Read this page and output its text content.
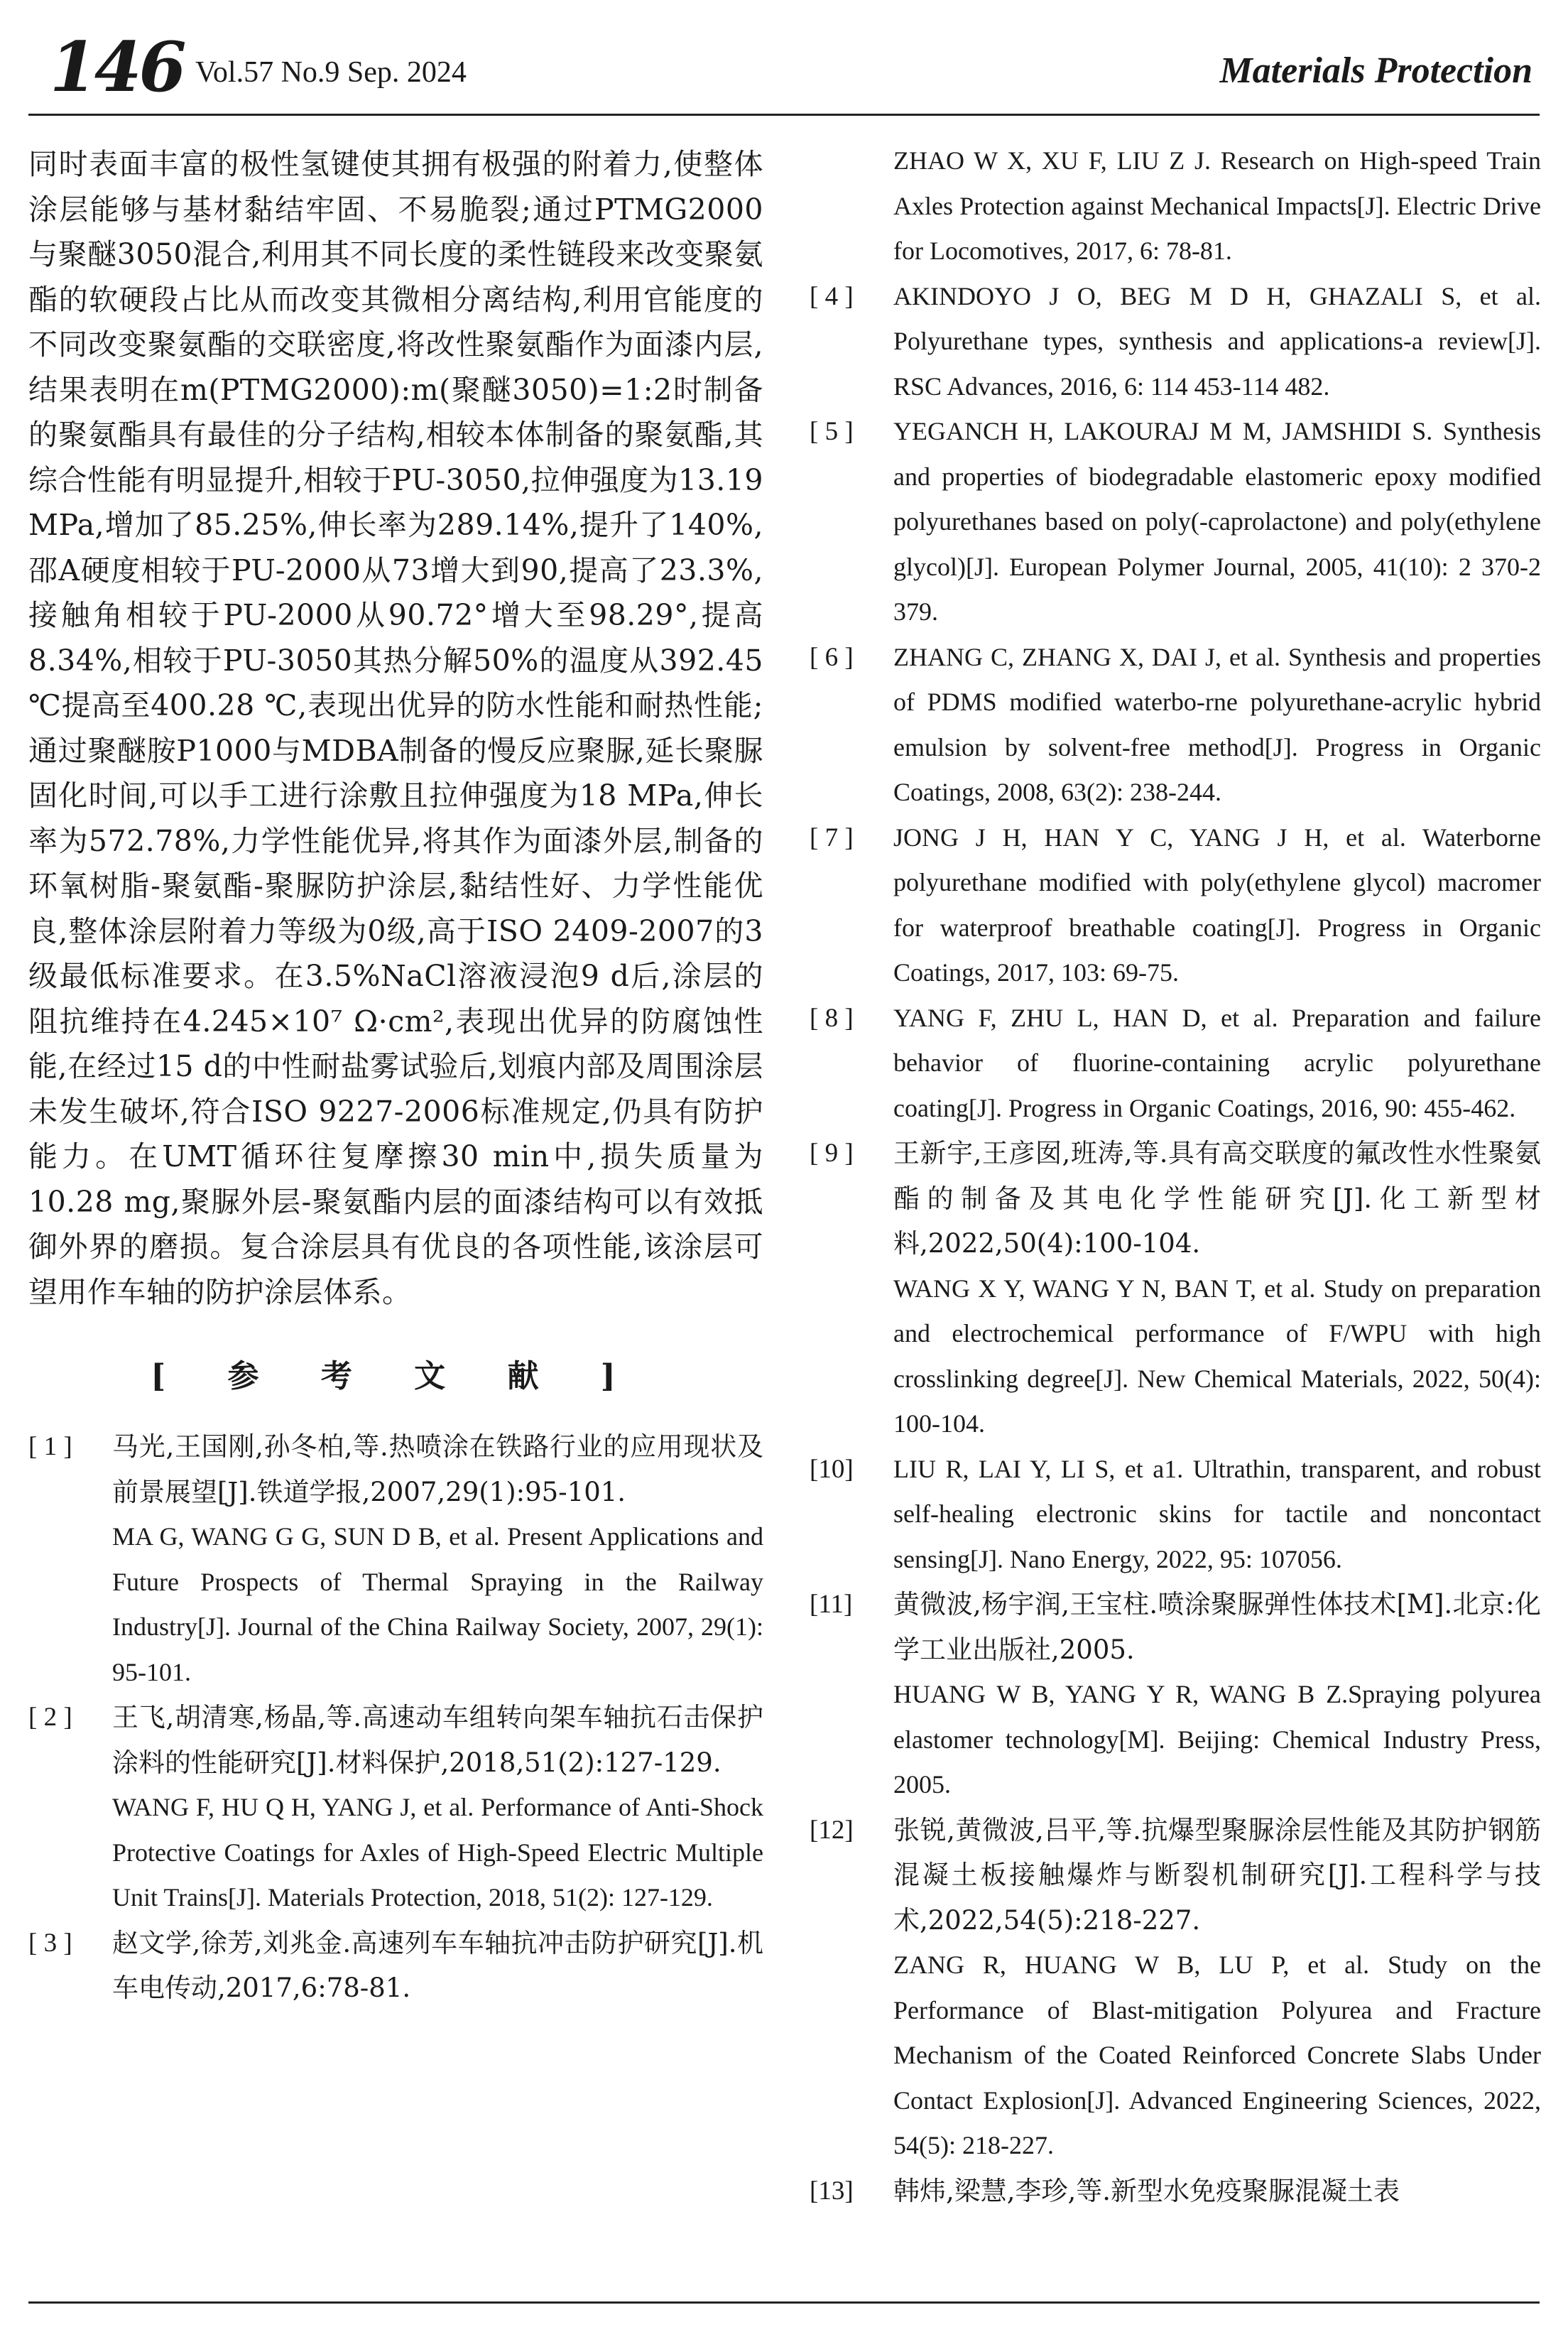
146 Vol.57 No.9 Sep. 2024	Materials Protection

同时表面丰富的极性氢键使其拥有极强的附着力,使整体涂层能够与基材黏结牢固、不易脆裂;通过PTMG2000与聚醚3050混合,利用其不同长度的柔性链段来改变聚氨酯的软硬段占比从而改变其微相分离结构,利用官能度的不同改变聚氨酯的交联密度,将改性聚氨酯作为面漆内层,结果表明在m(PTMG2000):m(聚醚3050)=1:2时制备的聚氨酯具有最佳的分子结构,相较本体制备的聚氨酯,其综合性能有明显提升,相较于PU-3050,拉伸强度为13.19 MPa,增加了85.25%,伸长率为289.14%,提升了140%,邵A硬度相较于PU-2000从73增大到90,提高了23.3%,接触角相较于PU-2000从90.72°增大至98.29°,提高8.34%,相较于PU-3050其热分解50%的温度从392.45 ℃提高至400.28 ℃,表现出优异的防水性能和耐热性能;通过聚醚胺P1000与MDBA制备的慢反应聚脲,延长聚脲固化时间,可以手工进行涂敷且拉伸强度为18 MPa,伸长率为572.78%,力学性能优异,将其作为面漆外层,制备的环氧树脂-聚氨酯-聚脲防护涂层,黏结性好、力学性能优良,整体涂层附着力等级为0级,高于ISO 2409-2007的3级最低标准要求。在3.5%NaCl溶液浸泡9 d后,涂层的阻抗维持在4.245×10⁷ Ω·cm²,表现出优异的防腐蚀性能,在经过15 d的中性耐盐雾试验后,划痕内部及周围涂层未发生破坏,符合ISO 9227-2006标准规定,仍具有防护能力。在UMT循环往复摩擦30 min中,损失质量为10.28 mg,聚脲外层-聚氨酯内层的面漆结构可以有效抵御外界的磨损。复合涂层具有优良的各项性能,该涂层可望用作车轴的防护涂层体系。

[ 参 考 文 献 ]
[ 1 ]	马光,王国刚,孙冬柏,等.热喷涂在铁路行业的应用现状及前景展望[J].铁道学报,2007,29(1):95-101.
MA G, WANG G G, SUN D B, et al. Present Applications and Future Prospects of Thermal Spraying in the Railway Industry[J]. Journal of the China Railway Society, 2007, 29(1): 95-101.
[ 2 ]	王飞,胡清寒,杨晶,等.高速动车组转向架车轴抗石击保护涂料的性能研究[J].材料保护,2018,51(2):127-129.
WANG F, HU Q H, YANG J, et al. Performance of Anti-Shock Protective Coatings for Axles of High-Speed Electric Multiple Unit Trains[J]. Materials Protection, 2018, 51(2): 127-129.
[ 3 ]	赵文学,徐芳,刘兆金.高速列车车轴抗冲击防护研究[J].机车电传动,2017,6:78-81.
ZHAO W X, XU F, LIU Z J. Research on High-speed Train Axles Protection against Mechanical Impacts[J]. Electric Drive for Locomotives, 2017, 6: 78-81.
[ 4 ]	AKINDOYO J O, BEG M D H, GHAZALI S, et al. Polyurethane types, synthesis and applications-a review[J]. RSC Advances, 2016, 6: 114 453-114 482.
[ 5 ]	YEGANCH H, LAKOURAJ M M, JAMSHIDI S. Synthesis and properties of biodegradable elastomeric epoxy modified polyurethanes based on poly(-caprolactone) and poly(ethylene glycol)[J]. European Polymer Journal, 2005, 41(10): 2 370-2 379.
[ 6 ]	ZHANG C, ZHANG X, DAI J, et al. Synthesis and properties of PDMS modified waterbo-rne polyurethane-acrylic hybrid emulsion by solvent-free method[J]. Progress in Organic Coatings, 2008, 63(2): 238-244.
[ 7 ]	JONG J H, HAN Y C, YANG J H, et al. Waterborne polyurethane modified with poly(ethylene glycol) macromer for waterproof breathable coating[J]. Progress in Organic Coatings, 2017, 103: 69-75.
[ 8 ]	YANG F, ZHU L, HAN D, et al. Preparation and failure behavior of fluorine-containing acrylic polyurethane coating[J]. Progress in Organic Coatings, 2016, 90: 455-462.
[ 9 ]	王新宇,王彦囡,班涛,等.具有高交联度的氟改性水性聚氨酯的制备及其电化学性能研究[J].化工新型材料,2022,50(4):100-104.
WANG X Y, WANG Y N, BAN T, et al. Study on preparation and electrochemical performance of F/WPU with high crosslinking degree[J]. New Chemical Materials, 2022, 50(4): 100-104.
[10]	LIU R, LAI Y, LI S, et a1. Ultrathin, transparent, and robust self-healing electronic skins for tactile and noncontact sensing[J]. Nano Energy, 2022, 95: 107056.
[11]	黄微波,杨宇润,王宝柱.喷涂聚脲弹性体技术[M].北京:化学工业出版社,2005.
HUANG W B, YANG Y R, WANG B Z.Spraying polyurea elastomer technology[M]. Beijing: Chemical Industry Press, 2005.
[12]	张锐,黄微波,吕平,等.抗爆型聚脲涂层性能及其防护钢筋混凝土板接触爆炸与断裂机制研究[J].工程科学与技术,2022,54(5):218-227.
ZANG R, HUANG W B, LU P, et al. Study on the Performance of Blast-mitigation Polyurea and Fracture Mechanism of the Coated Reinforced Concrete Slabs Under Contact Explosion[J]. Advanced Engineering Sciences, 2022, 54(5): 218-227.
[13]	韩炜,梁慧,李珍,等.新型水免疫聚脲混凝土表
